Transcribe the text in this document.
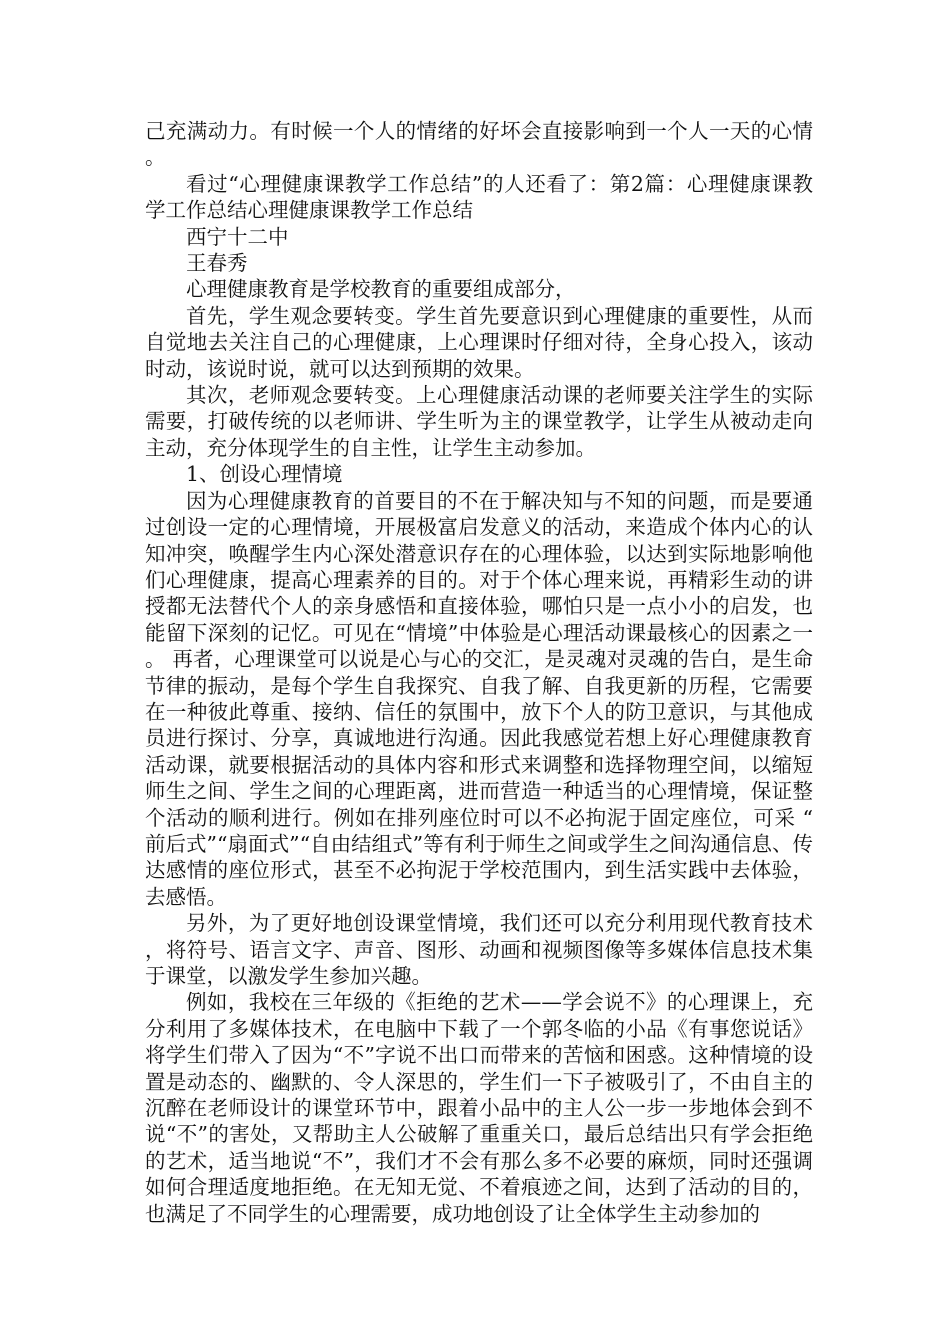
己充满动力。有时候一个人的情绪的好坏会直接影响到一个人一天的心情。

看过“心理健康课教学工作总结”的人还看了：第2篇：心理健康课教学工作总结心理健康课教学工作总结

西宁十二中

王春秀

心理健康教育是学校教育的重要组成部分，

首先，学生观念要转变。学生首先要意识到心理健康的重要性，从而自觉地去关注自己的心理健康，上心理课时仔细对待，全身心投入，该动时动，该说时说，就可以达到预期的效果。

其次，老师观念要转变。上心理健康活动课的老师要关注学生的实际需要，打破传统的以老师讲、学生听为主的课堂教学，让学生从被动走向主动，充分体现学生的自主性，让学生主动参加。

1、创设心理情境

因为心理健康教育的首要目的不在于解决知与不知的问题，而是要通过创设一定的心理情境，开展极富启发意义的活动，来造成个体内心的认知冲突，唤醒学生内心深处潜意识存在的心理体验，以达到实际地影响他们心理健康，提高心理素养的目的。对于个体心理来说，再精彩生动的讲授都无法替代个人的亲身感悟和直接体验，哪怕只是一点小小的启发，也能留下深刻的记忆。可见在“情境”中体验是心理活动课最核心的因素之一。 再者，心理课堂可以说是心与心的交汇，是灵魂对灵魂的告白，是生命节律的振动，是每个学生自我探究、自我了解、自我更新的历程，它需要在一种彼此尊重、接纳、信任的氛围中，放下个人的防卫意识，与其他成员进行探讨、分享，真诚地进行沟通。因此我感觉若想上好心理健康教育活动课，就要根据活动的具体内容和形式来调整和选择物理空间，以缩短师生之间、学生之间的心理距离，进而营造一种适当的心理情境，保证整个活动的顺利进行。例如在排列座位时可以不必拘泥于固定座位，可采 “前后式”“扇面式”“自由结组式”等有利于师生之间或学生之间沟通信息、传达感情的座位形式，甚至不必拘泥于学校范围内，到生活实践中去体验，去感悟。

另外，为了更好地创设课堂情境，我们还可以充分利用现代教育技术，将符号、语言文字、声音、图形、动画和视频图像等多媒体信息技术集于课堂，以激发学生参加兴趣。

例如，我校在三年级的《拒绝的艺术——学会说不》的心理课上，充分利用了多媒体技术，在电脑中下载了一个郭冬临的小品《有事您说话》将学生们带入了因为“不”字说不出口而带来的苦恼和困惑。这种情境的设置是动态的、幽默的、令人深思的，学生们一下子被吸引了，不由自主的沉醉在老师设计的课堂环节中，跟着小品中的主人公一步一步地体会到不说“不”的害处，又帮助主人公破解了重重关口，最后总结出只有学会拒绝的艺术，适当地说“不”，我们才不会有那么多不必要的麻烦，同时还强调如何合理适度地拒绝。在无知无觉、不着痕迹之间，达到了活动的目的，也满足了不同学生的心理需要，成功地创设了让全体学生主动参加的
